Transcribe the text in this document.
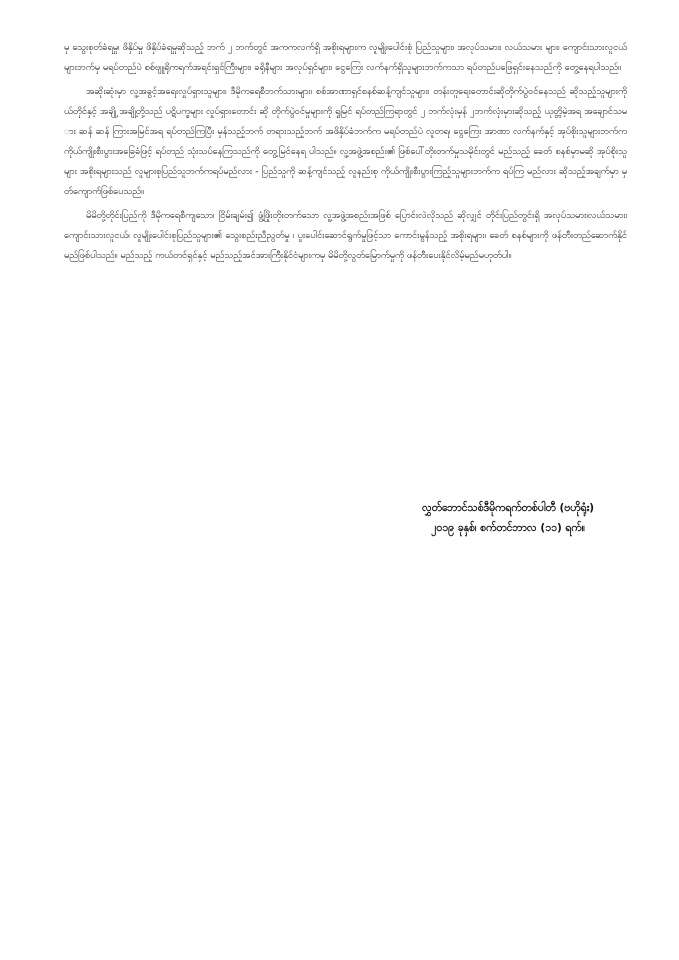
မှ သွေးစုတ်ခံရမှု၊ ဖိနှိပ်မှု ဖိနှိပ်ခံရမှုဆိုသည့် ဘက် ၂ ဘက်တွင် အကကလက်ရှိ အစိုးရများက လူမျိုးပေါင်းစုံ ပြည်သူများ၊ အလုပ်သမား၊ လယ်သမား များ၊ ကျောင်းသားလူငယ်များဘက်မှ မရပ်တည်ပဲ စစ်ဗျူရိုကရက်အရင်းရှင်ကြီးများ၊ ခရိုနီများ အလုပ်ရှင်များ၊ ငွေကြေး လက်နက်ရှိသူများဘက်ကသာ ရပ်တည်ပဖြေရှင်းနေသည်ကို တွေ့နေရပါသည်။

အဆိုးဆုံးမှာ လူ့အခွင့်အရေးလှုပ်ရှားသူများ၊ ဒီမိုကရေစီဘက်သားများ၊ စစ်အာဏာရှင်စနစ်ဆန့်ကျင်သူများ၊ တန်းတူရေးတောင်းဆိုတိုက်ပွဲဝင်နေသည် ဆိုသည့်သူများကိုယ်တိုင်နှင့် အချို့ အချို့တို့သည် ပဋိပက္ခများ လှုပ်ရှားတောင်း ဆို တိုက်ပွဲဝင်မှုများကို ရှုမြင် ရပ်တည်ကြရာတွင် ၂ ဘက်လုံးမှန် ၂ဘက်လုံးမှားဆိုသည့် ယုတ္တိမဲ့အရ အချောင်သမား ဆန် ဆန် ကြားအမြင်အရ ရပ်တည်ကြပြီး မှန်သည့်ဘက် တရားသည့်ဘက် အဖိနှိပ်ခံဘက်က မရပ်တည်ပဲ လူတရ၊ ငွေကြေး အာဏာ လက်နက်နှင့် အုပ်စိုးသူများဘက်က ကိုယ်ကျိုးစီးပွားအခြေခံဖြင့် ရပ်တည် သုံးသပ်နေကြသည်ကို တွေ့မြင်နေရ ပါသည်။ လူ့အဖွဲ့အစည်း၏ ဖြစ်ပေါ်တိုးတက်မှုသမိုင်းတွင် မည်သည့် ခေတ် စနစ်မှာမဆို အုပ်စိုးသူများ အစိုးရများသည် လူများစုပြည်သူဘက်ကရပ်မည်လား - ပြည်သူကို ဆန့်ကျင်သည့် လူနည်းစု ကိုယ်ကျိုးစီးပွားကြည့်သူများဘက်က ရပ်ကြ မည်လား ဆိုသည့်အချက်မှာ မှတ်ကျောက်ဖြစ်ပေသည်။

မိမိတို့တိုင်းပြည်ကို ဒီမိုကရေစီကျသော၊ ငြိမ်းချမ်း၍ ဖွံ့ဖြိုးတိုးတက်သော လူ့အဖွဲ့အစည်းအဖြစ် ပြောင်းလဲလိုသည် ဆိုလျှင် တိုင်းပြည်တွင်းရှိ အလုပ်သမား၊လယ်သမား၊ ကျောင်းသားလူငယ်၊ လူမျိုးပေါင်းစုပြည်သူများ၏ သွေးစည်းညီညွတ်မှု ၊ ပူးပေါင်းဆောင်ရွက်မှုဖြင့်သာ ကောင်းမွန်သည့် အစိုးရများ၊ ခေတ် စနစ်များကို ဖန်တီးတည်ဆောက်နိုင်မည်ဖြစ်ပါသည်။ မည်သည့် ကယ်တင်ရှင်နှင့် မည်သည့်အင်အားကြီးနိုင်ငံများကမှ မိမိတို့လွတ်မြောက်မှုကို ဖန်တီးပေးနိုင်လိမ့်မည်မဟုတ်ပါ။

လွှတ်ဘောင်သစ်ဒီမိုကရက်တစ်ပါတီ (ဗဟိုရုံး)
၂၀၁၉ ခုနှစ်၊ စက်တင်ဘာလ (၁၁) ရက်။
